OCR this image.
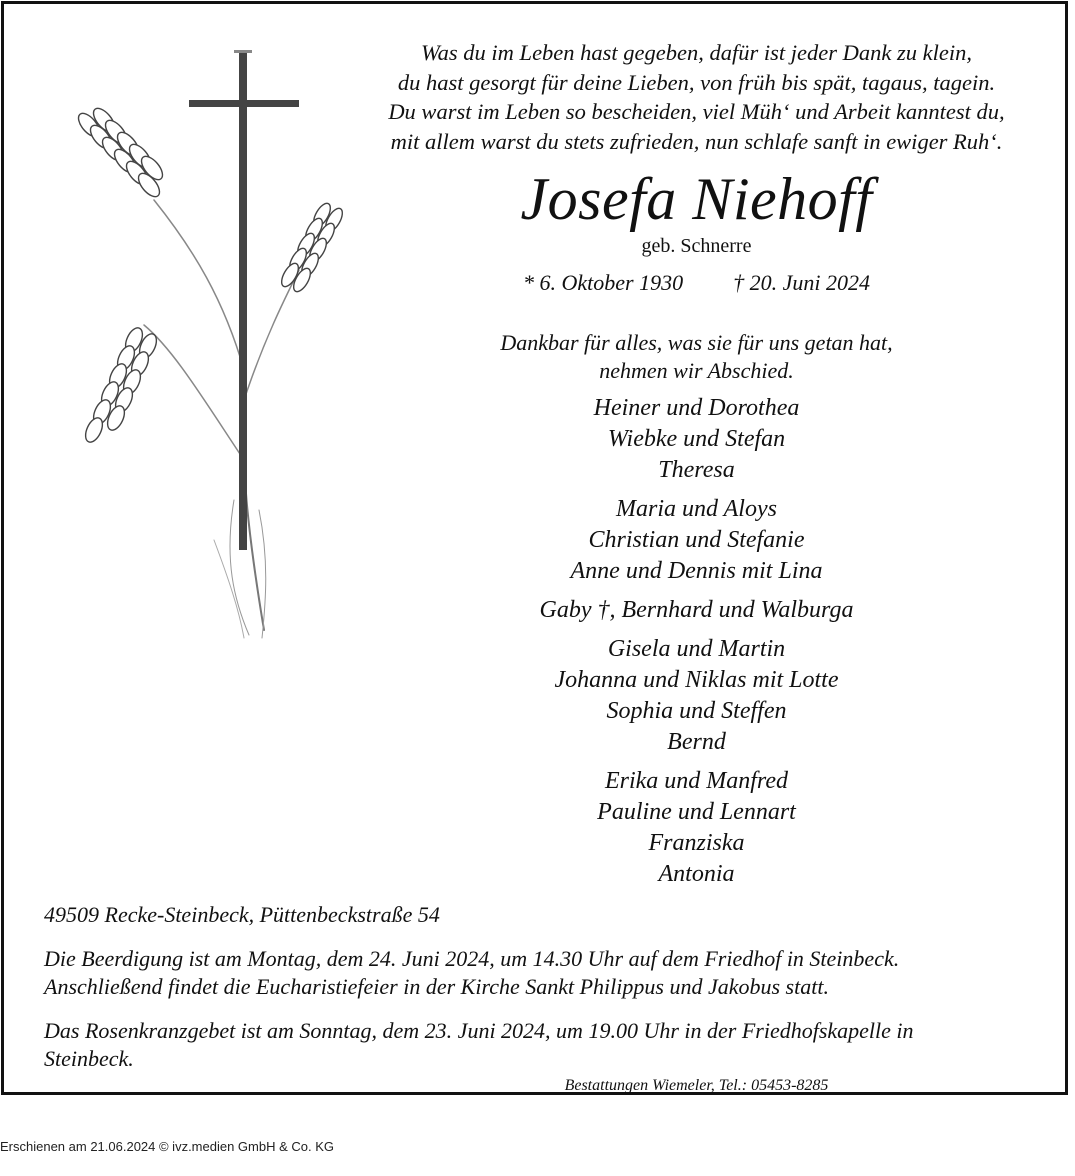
Was du im Leben hast gegeben, dafür ist jeder Dank zu klein,
du hast gesorgt für deine Lieben, von früh bis spät, tagaus, tagein.
Du warst im Leben so bescheiden, viel Müh‘ und Arbeit kanntest du,
mit allem warst du stets zufrieden, nun schlafe sanft in ewiger Ruh‘.
Josefa Niehoff
geb. Schnerre
* 6. Oktober 1930 † 20. Juni 2024
Dankbar für alles, was sie für uns getan hat,
nehmen wir Abschied.
Heiner und Dorothea
Wiebke und Stefan
Theresa
Maria und Aloys
Christian und Stefanie
Anne und Dennis mit Lina
Gaby †, Bernhard und Walburga
Gisela und Martin
Johanna und Niklas mit Lotte
Sophia und Steffen
Bernd
Erika und Manfred
Pauline und Lennart
Franziska
Antonia
49509 Recke-Steinbeck, Püttenbeckstraße 54
Die Beerdigung ist am Montag, dem 24. Juni 2024, um 14.30 Uhr auf dem Friedhof in Steinbeck.
Anschließend findet die Eucharistiefeier in der Kirche Sankt Philippus und Jakobus statt.
Das Rosenkranzgebet ist am Sonntag, dem 23. Juni 2024, um 19.00 Uhr in der Friedhofskapelle in
Steinbeck.
Bestattungen Wiemeler, Tel.: 05453-8285
Erschienen am 21.06.2024 © ivz.medien GmbH & Co. KG
